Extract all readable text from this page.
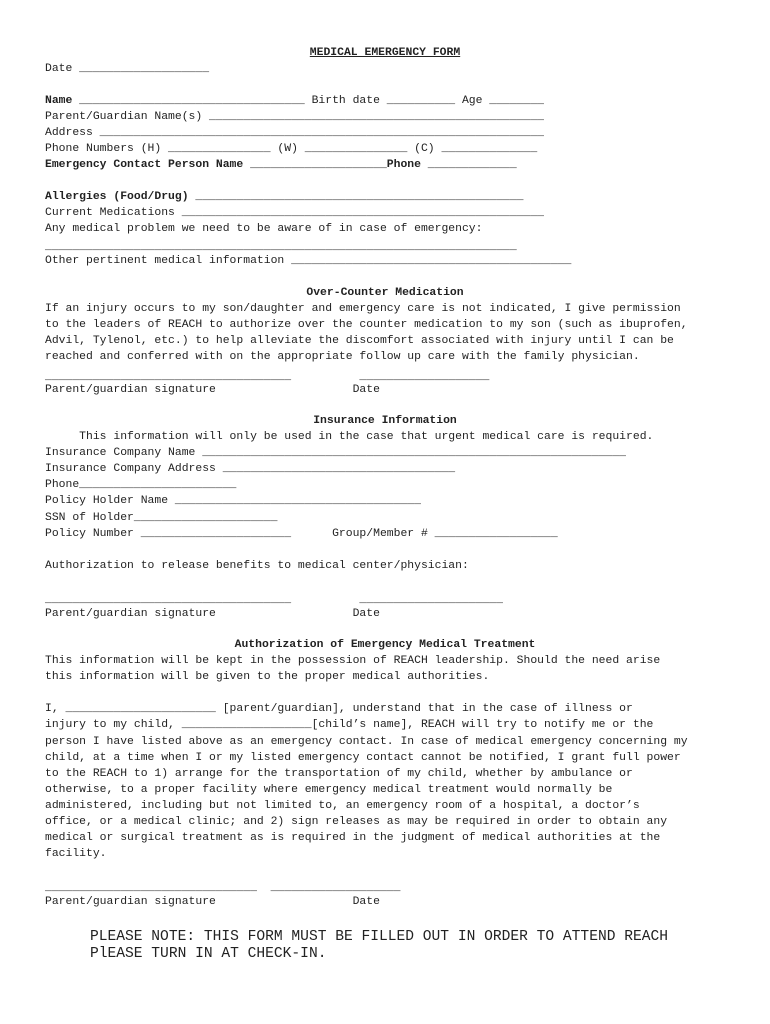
MEDICAL EMERGENCY FORM
Date ___________________
Name _________________________________ Birth date __________ Age ________
Parent/Guardian Name(s) _________________________________________________
Address _________________________________________________________________
Phone Numbers (H) _______________ (W) _______________ (C) ______________
Emergency Contact Person Name ____________________Phone _____________
Allergies (Food/Drug) ________________________________________________
Current Medications _____________________________________________________
Any medical problem we need to be aware of in case of emergency:
_____________________________________________________________________
Other pertinent medical information _________________________________________
Over-Counter Medication
If an injury occurs to my son/daughter and emergency care is not indicated, I give permission
to the leaders of REACH to authorize over the counter medication to my son (such as ibuprofen,
Advil, Tylenol, etc.) to help alleviate the discomfort associated with injury until I can be
reached and conferred with on the appropriate follow up care with the family physician.
____________________________________          ___________________
Parent/guardian signature                    Date
Insurance Information
This information will only be used in the case that urgent medical care is required.
Insurance Company Name ______________________________________________________________
Insurance Company Address __________________________________
Phone_______________________
Policy Holder Name ____________________________________
SSN of Holder_____________________
Policy Number ______________________      Group/Member # __________________
Authorization to release benefits to medical center/physician:
____________________________________          _____________________
Parent/guardian signature                    Date
Authorization of Emergency Medical Treatment
This information will be kept in the possession of REACH leadership. Should the need arise
this information will be given to the proper medical authorities.
I, ______________________ [parent/guardian], understand that in the case of illness or
injury to my child, ___________________[child’s name], REACH will try to notify me or the
person I have listed above as an emergency contact. In case of medical emergency concerning my
child, at a time when I or my listed emergency contact cannot be notified, I grant full power
to the REACH to 1) arrange for the transportation of my child, whether by ambulance or
otherwise, to a proper facility where emergency medical treatment would normally be
administered, including but not limited to, an emergency room of a hospital, a doctor’s
office, or a medical clinic; and 2) sign releases as may be required in order to obtain any
medical or surgical treatment as is required in the judgment of medical authorities at the
facility.
_______________________________  ___________________
Parent/guardian signature                    Date
PLEASE NOTE: THIS FORM MUST BE FILLED OUT IN ORDER TO ATTEND REACH
PlEASE TURN IN AT CHECK-IN.
